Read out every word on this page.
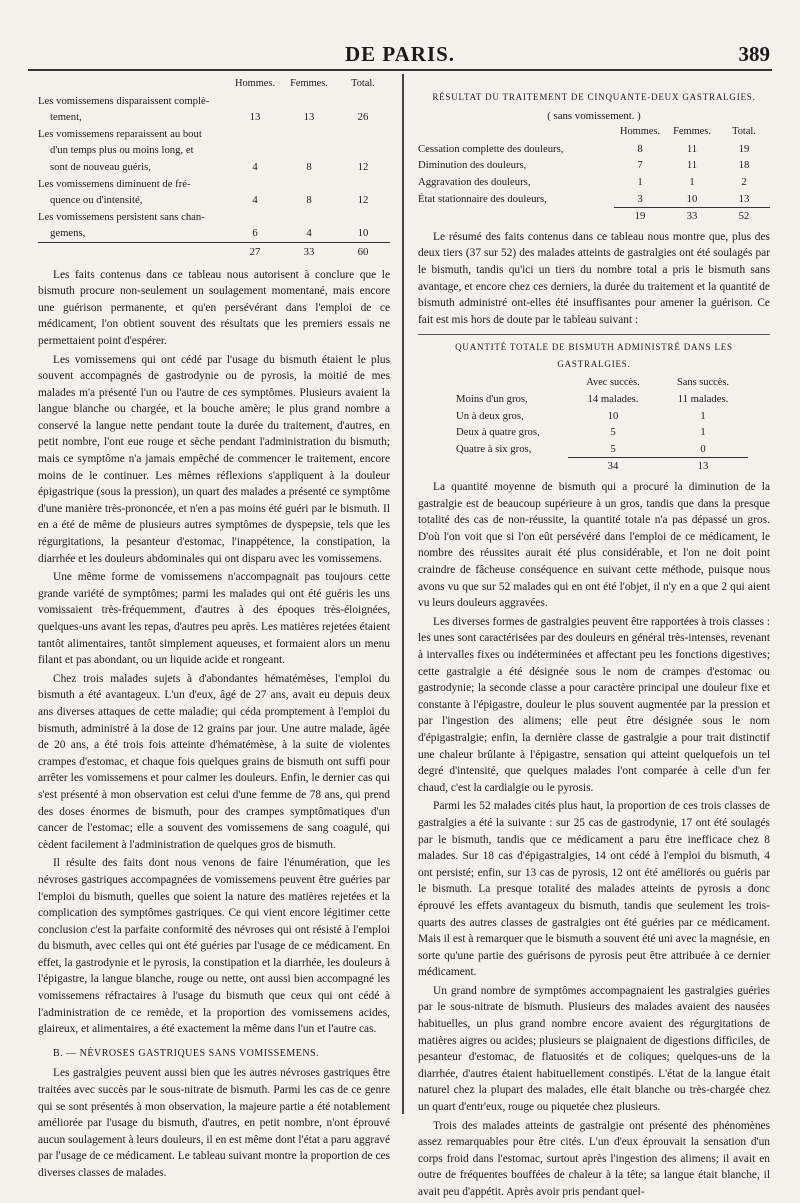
DE PARIS.	389
	Hommes.	Femmes.	Total.

Les vomissemens disparaissent complè-
tement,	13	13	26

Les vomissemens reparaissent au bout
d'un temps plus ou moins long, et
sont de nouveau guéris,	4	8	12

Les vomissemens diminuent de fré-
quence ou d'intensité,	4	8	12

Les vomissemens persistent sans chan-
gemens,	6	4	10

	27	33	60

Les faits contenus dans ce tableau nous autorisent à conclure que le bismuth procure non-seulement un soulagement momentané, mais encore une guérison permanente, et qu'en persévérant dans l'emploi de ce médicament, l'on obtient souvent des résultats que les premiers essais ne permettaient point d'espérer.

Les vomissemens qui ont cédé par l'usage du bismuth étaient le plus souvent accompagnés de gastrodynie ou de pyrosis, la moitié de mes malades m'a présenté l'un ou l'autre de ces symptômes. Plusieurs avaient la langue blanche ou chargée, et la bouche amère; le plus grand nombre a conservé la langue nette pendant toute la durée du traitement, d'autres, en petit nombre, l'ont eue rouge et sèche pendant l'administration du bismuth; mais ce symptôme n'a jamais empêché de commencer le traitement, encore moins de le continuer. Les mêmes réflexions s'appliquent à la douleur épigastrique (sous la pression), un quart des malades a présenté ce symptôme d'une manière très-prononcée, et n'en a pas moins été guéri par le bismuth. Il en a été de même de plusieurs autres symptômes de dyspepsie, tels que les régurgitations, la pesanteur d'estomac, l'inappétence, la constipation, la diarrhée et les douleurs abdominales qui ont disparu avec les vomissemens.

Une même forme de vomissemens n'accompagnait pas toujours cette grande variété de symptômes; parmi les malades qui ont été guéris les uns vomissaient très-fréquemment, d'autres à des époques très-éloignées, quelques-uns avant les repas, d'autres peu après. Les matières rejetées étaient tantôt alimentaires, tantôt simplement aqueuses, et formaient alors un menu filant et pas abondant, ou un liquide acide et rongeant.

Chez trois malades sujets à d'abondantes hématémèses, l'emploi du bismuth a été avantageux. L'un d'eux, âgé de 27 ans, avait eu depuis deux ans diverses attaques de cette maladie; qui céda promptement à l'emploi du bismuth, administré à la dose de 12 grains par jour. Une autre malade, âgée de 20 ans, a été trois fois atteinte d'hématémèse, à la suite de violentes crampes d'estomac, et chaque fois quelques grains de bismuth ont suffi pour arrêter les vomissemens et pour calmer les douleurs. Enfin, le dernier cas qui s'est présenté à mon observation est celui d'une femme de 78 ans, qui prend des doses énormes de bismuth, pour des crampes symptômatiques d'un cancer de l'estomac; elle a souvent des vomissemens de sang coagulé, qui cèdent facilement à l'administration de quelques gros de bismuth.

Il résulte des faits dont nous venons de faire l'énumération, que les névroses gastriques accompagnées de vomissemens peuvent être guéries par l'emploi du bismuth, quelles que soient la nature des matières rejetées et la complication des symptômes gastriques. Ce qui vient encore légitimer cette conclusion c'est la parfaite conformité des névroses qui ont résisté à l'emploi du bismuth, avec celles qui ont été guéries par l'usage de ce médicament. En effet, la gastrodynie et le pyrosis, la constipation et la diarrhée, les douleurs à l'épigastre, la langue blanche, rouge ou nette, ont aussi bien accompagné les vomissemens réfractaires à l'usage du bismuth que ceux qui ont cédé à l'administration de ce remède, et la proportion des vomissemens acides, glaireux, et alimentaires, a été exactement la même dans l'un et l'autre cas.

B. — NÉVROSES GASTRIQUES SANS VOMISSEMENS.

Les gastralgies peuvent aussi bien que les autres névroses gastriques être traitées avec succès par le sous-nitrate de bismuth. Parmi les cas de ce genre qui se sont présentés à mon observation, la majeure partie a été notablement améliorée par l'usage du bismuth, d'autres, en petit nombre, n'ont éprouvé aucun soulagement à leurs douleurs, il en est même dont l'état a paru aggravé par l'usage de ce médicament. Le tableau suivant montre la proportion de ces diverses classes de malades.

RÉSULTAT DU TRAITEMENT DE CINQUANTE-DEUX GASTRALGIES.
( sans vomissement. )
	Hommes.	Femmes.	Total.
Cessation complette des douleurs,	8	11	19
Diminution des douleurs,	7	11	18
Aggravation des douleurs,	1	1	2
État stationnaire des douleurs,	3	10	13

	19	33	52

Le résumé des faits contenus dans ce tableau nous montre que, plus des deux tiers (37 sur 52) des malades atteints de gastralgies ont été soulagés par le bismuth, tandis qu'ici un tiers du nombre total a pris le bismuth sans avantage, et encore chez ces derniers, la durée du traitement et la quantité de bismuth administré ont-elles été insuffisantes pour amener la guérison. Ce fait est mis hors de doute par le tableau suivant :

QUANTITÉ TOTALE DE BISMUTH ADMINISTRÉ DANS LES GASTRALGIES.
	Avec succès.	Sans succès.	
Moins d'un gros,	14 malades.	11 malades.	
Un à deux gros,	10	1	
Deux à quatre gros,	5	1	
Quatre à six gros,	5	0	

	34	13	

La quantité moyenne de bismuth qui a procuré la diminution de la gastralgie est de beaucoup supérieure à un gros, tandis que dans la presque totalité des cas de non-réussite, la quantité totale n'a pas dépassé un gros. D'où l'on voit que si l'on eût persévéré dans l'emploi de ce médicament, le nombre des réussites aurait été plus considérable, et l'on ne doit point craindre de fâcheuse conséquence en suivant cette méthode, puisque nous avons vu que sur 52 malades qui en ont été l'objet, il n'y en a que 2 qui aient vu leurs douleurs aggravées.

Les diverses formes de gastralgies peuvent être rapportées à trois classes : les unes sont caractérisées par des douleurs en général très-intenses, revenant à intervalles fixes ou indéterminées et affectant peu les fonctions digestives; cette gastralgie a été désignée sous le nom de crampes d'estomac ou gastrodynie; la seconde classe a pour caractère principal une douleur fixe et constante à l'épigastre, douleur le plus souvent augmentée par la pression et par l'ingestion des alimens; elle peut être désignée sous le nom d'épigastralgie; enfin, la dernière classe de gastralgie a pour trait distinctif une chaleur brûlante à l'épigastre, sensation qui atteint quelquefois un tel degré d'intensité, que quelques malades l'ont comparée à celle d'un fer chaud, c'est la cardialgie ou le pyrosis.

Parmi les 52 malades cités plus haut, la proportion de ces trois classes de gastralgies a été la suivante : sur 25 cas de gastrodynie, 17 ont été soulagés par le bismuth, tandis que ce médicament a paru être inefficace chez 8 malades. Sur 18 cas d'épigastralgies, 14 ont cédé à l'emploi du bismuth, 4 ont persisté; enfin, sur 13 cas de pyrosis, 12 ont été améliorés ou guéris par le bismuth. La presque totalité des malades atteints de pyrosis a donc éprouvé les effets avantageux du bismuth, tandis que seulement les trois-quarts des autres classes de gastralgies ont été guéries par ce médicament. Mais il est à remarquer que le bismuth a souvent été uni avec la magnésie, en sorte qu'une partie des guérisons de pyrosis peut être attribuée à ce dernier médicament.

Un grand nombre de symptômes accompagnaient les gastralgies guéries par le sous-nitrate de bismuth. Plusieurs des malades avaient des nausées habituelles, un plus grand nombre encore avaient des régurgitations de matières aigres ou acides; plusieurs se plaignaient de digestions difficiles, de pesanteur d'estomac, de flatuosités et de coliques; quelques-uns de la diarrhée, d'autres étaient habituellement constipés. L'état de la langue était naturel chez la plupart des malades, elle était blanche ou très-chargée chez un quart d'entr'eux, rouge ou piquetée chez plusieurs.

Trois des malades atteints de gastralgie ont présenté des phénomènes assez remarquables pour être cités. L'un d'eux éprouvait la sensation d'un corps froid dans l'estomac, surtout après l'ingestion des alimens; il avait en outre de fréquentes bouffées de chaleur à la tête; sa langue était blanche, il avait peu d'appétit. Après avoir pris pendant quel-
